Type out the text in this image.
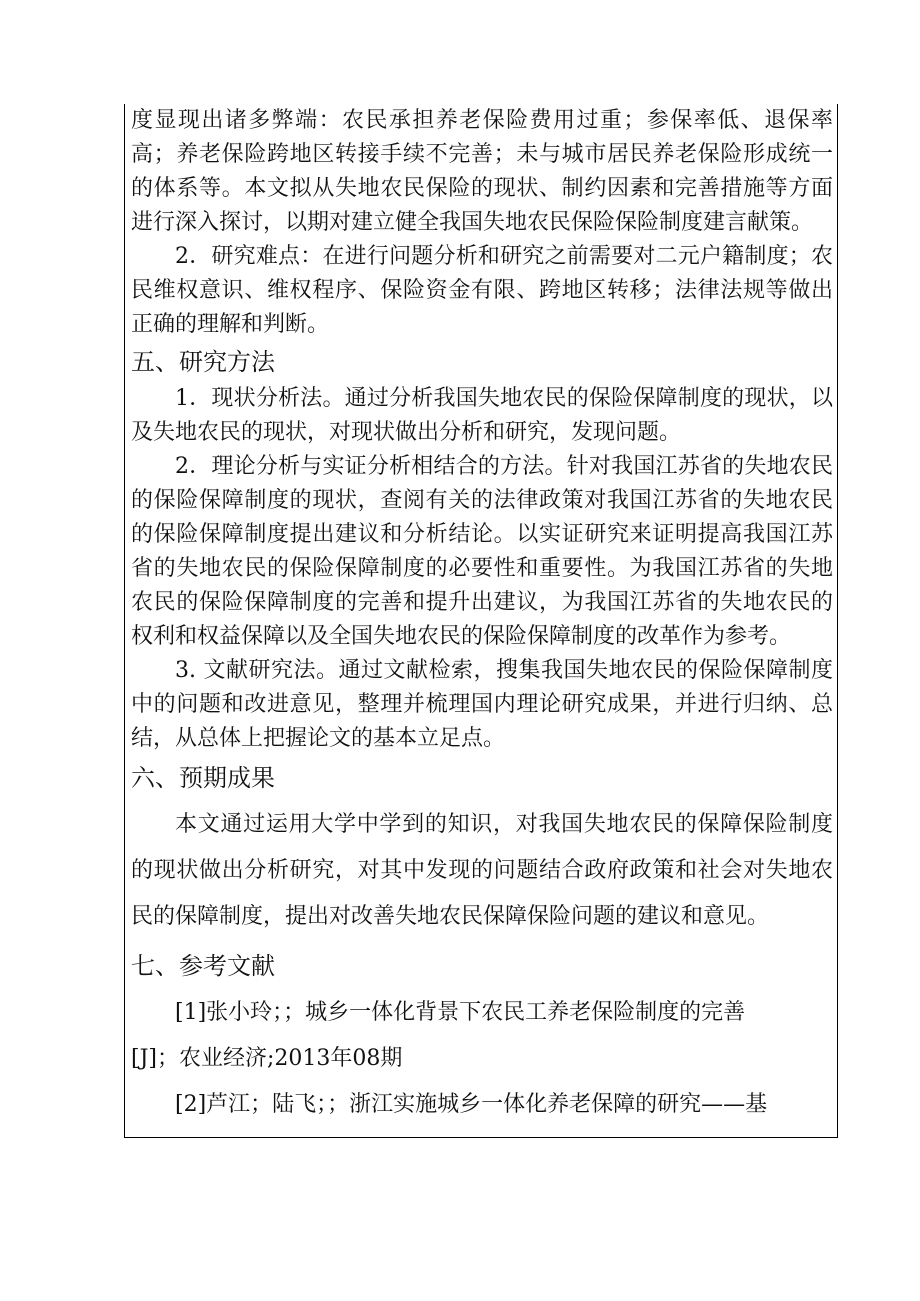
度显现出诸多弊端：农民承担养老保险费用过重；参保率低、退保率高；养老保险跨地区转接手续不完善；未与城市居民养老保险形成统一的体系等。本文拟从失地农民保险的现状、制约因素和完善措施等方面进行深入探讨，以期对建立健全我国失地农民保险保险制度建言献策。

2．研究难点：在进行问题分析和研究之前需要对二元户籍制度；农民维权意识、维权程序、保险资金有限、跨地区转移；法律法规等做出正确的理解和判断。

五、研究方法

1．现状分析法。通过分析我国失地农民的保险保障制度的现状，以及失地农民的现状，对现状做出分析和研究，发现问题。

2．理论分析与实证分析相结合的方法。针对我国江苏省的失地农民的保险保障制度的现状，查阅有关的法律政策对我国江苏省的失地农民的保险保障制度提出建议和分析结论。以实证研究来证明提高我国江苏省的失地农民的保险保障制度的必要性和重要性。为我国江苏省的失地农民的保险保障制度的完善和提升出建议，为我国江苏省的失地农民的权利和权益保障以及全国失地农民的保险保障制度的改革作为参考。

3. 文献研究法。通过文献检索，搜集我国失地农民的保险保障制度中的问题和改进意见，整理并梳理国内理论研究成果，并进行归纳、总结，从总体上把握论文的基本立足点。

六、预期成果

本文通过运用大学中学到的知识，对我国失地农民的保障保险制度的现状做出分析研究，对其中发现的问题结合政府政策和社会对失地农民的保障制度，提出对改善失地农民保障保险问题的建议和意见。

七、参考文献
[1]张小玲；；城乡一体化背景下农民工养老保险制度的完善
[J]；农业经济;2013年08期
[2]芦江；陆飞；；浙江实施城乡一体化养老保障的研究——基
